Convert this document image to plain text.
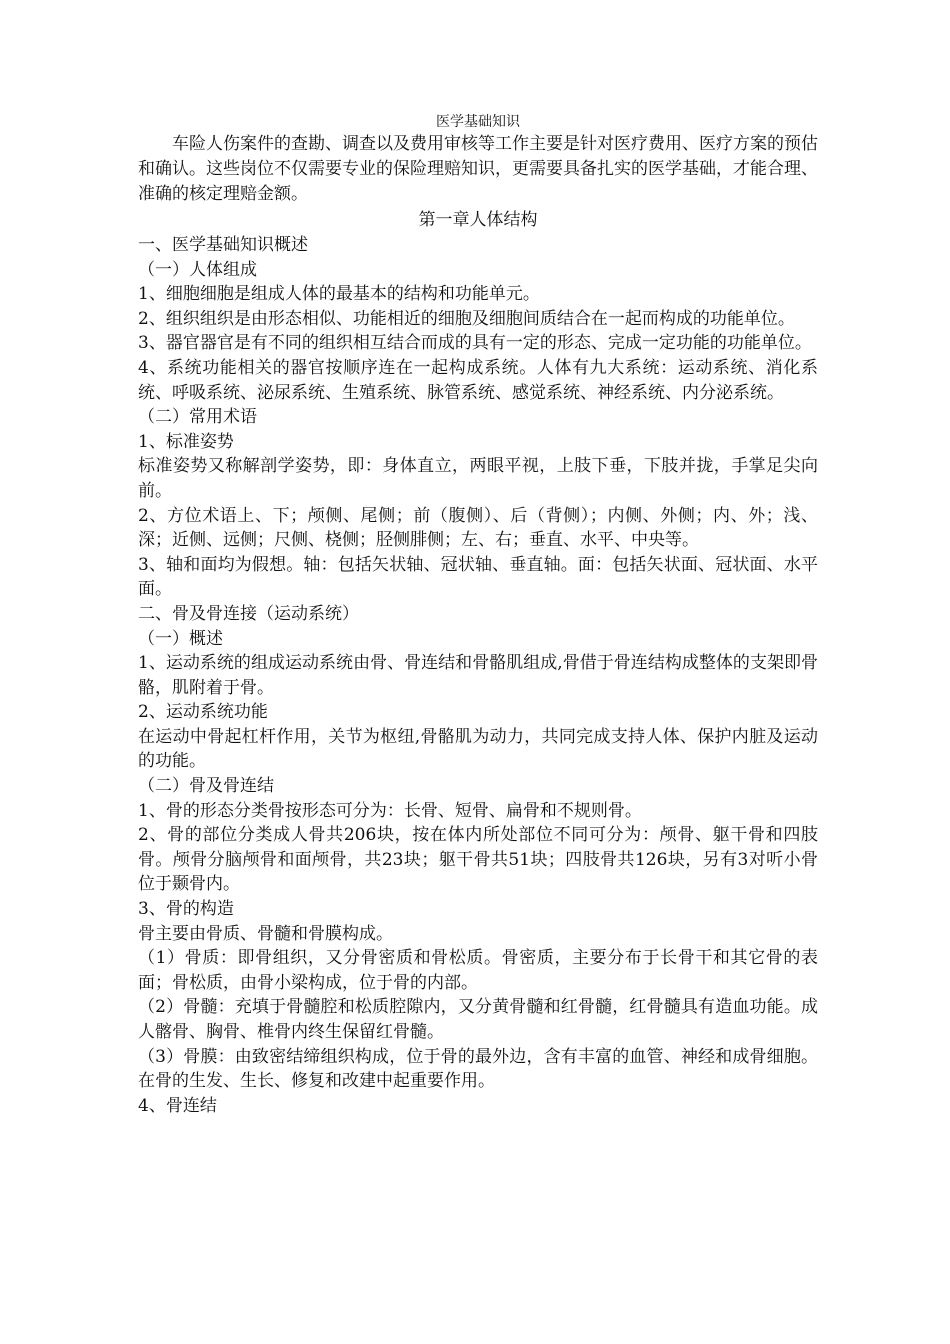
医学基础知识

车险人伤案件的查勘、调查以及费用审核等工作主要是针对医疗费用、医疗方案的预估和确认。这些岗位不仅需要专业的保险理赔知识，更需要具备扎实的医学基础，才能合理、准确的核定理赔金额。

第一章人体结构

一、医学基础知识概述

（一）人体组成

1、细胞细胞是组成人体的最基本的结构和功能单元。

2、组织组织是由形态相似、功能相近的细胞及细胞间质结合在一起而构成的功能单位。

3、器官器官是有不同的组织相互结合而成的具有一定的形态、完成一定功能的功能单位。

4、系统功能相关的器官按顺序连在一起构成系统。人体有九大系统：运动系统、消化系统、呼吸系统、泌尿系统、生殖系统、脉管系统、感觉系统、神经系统、内分泌系统。

（二）常用术语

1、标准姿势

标准姿势又称解剖学姿势，即：身体直立，两眼平视，上肢下垂，下肢并拢，手掌足尖向前。

2、方位术语上、下；颅侧、尾侧；前（腹侧）、后（背侧）；内侧、外侧；内、外；浅、深；近侧、远侧；尺侧、桡侧；胫侧腓侧；左、右；垂直、水平、中央等。

3、轴和面均为假想。轴：包括矢状轴、冠状轴、垂直轴。面：包括矢状面、冠状面、水平面。

二、骨及骨连接（运动系统）

（一）概述

1、运动系统的组成运动系统由骨、骨连结和骨骼肌组成,骨借于骨连结构成整体的支架即骨骼，肌附着于骨。

2、运动系统功能

在运动中骨起杠杆作用，关节为枢纽,骨骼肌为动力，共同完成支持人体、保护内脏及运动的功能。

（二）骨及骨连结

1、骨的形态分类骨按形态可分为：长骨、短骨、扁骨和不规则骨。

2、骨的部位分类成人骨共206块，按在体内所处部位不同可分为：颅骨、躯干骨和四肢骨。颅骨分脑颅骨和面颅骨，共23块；躯干骨共51块；四肢骨共126块，另有3对听小骨位于颞骨内。

3、骨的构造

骨主要由骨质、骨髓和骨膜构成。

（1）骨质：即骨组织，又分骨密质和骨松质。骨密质，主要分布于长骨干和其它骨的表面；骨松质，由骨小梁构成，位于骨的内部。

（2）骨髓：充填于骨髓腔和松质腔隙内，又分黄骨髓和红骨髓，红骨髓具有造血功能。成人髂骨、胸骨、椎骨内终生保留红骨髓。

（3）骨膜：由致密结缔组织构成，位于骨的最外边，含有丰富的血管、神经和成骨细胞。在骨的生发、生长、修复和改建中起重要作用。

4、骨连结
